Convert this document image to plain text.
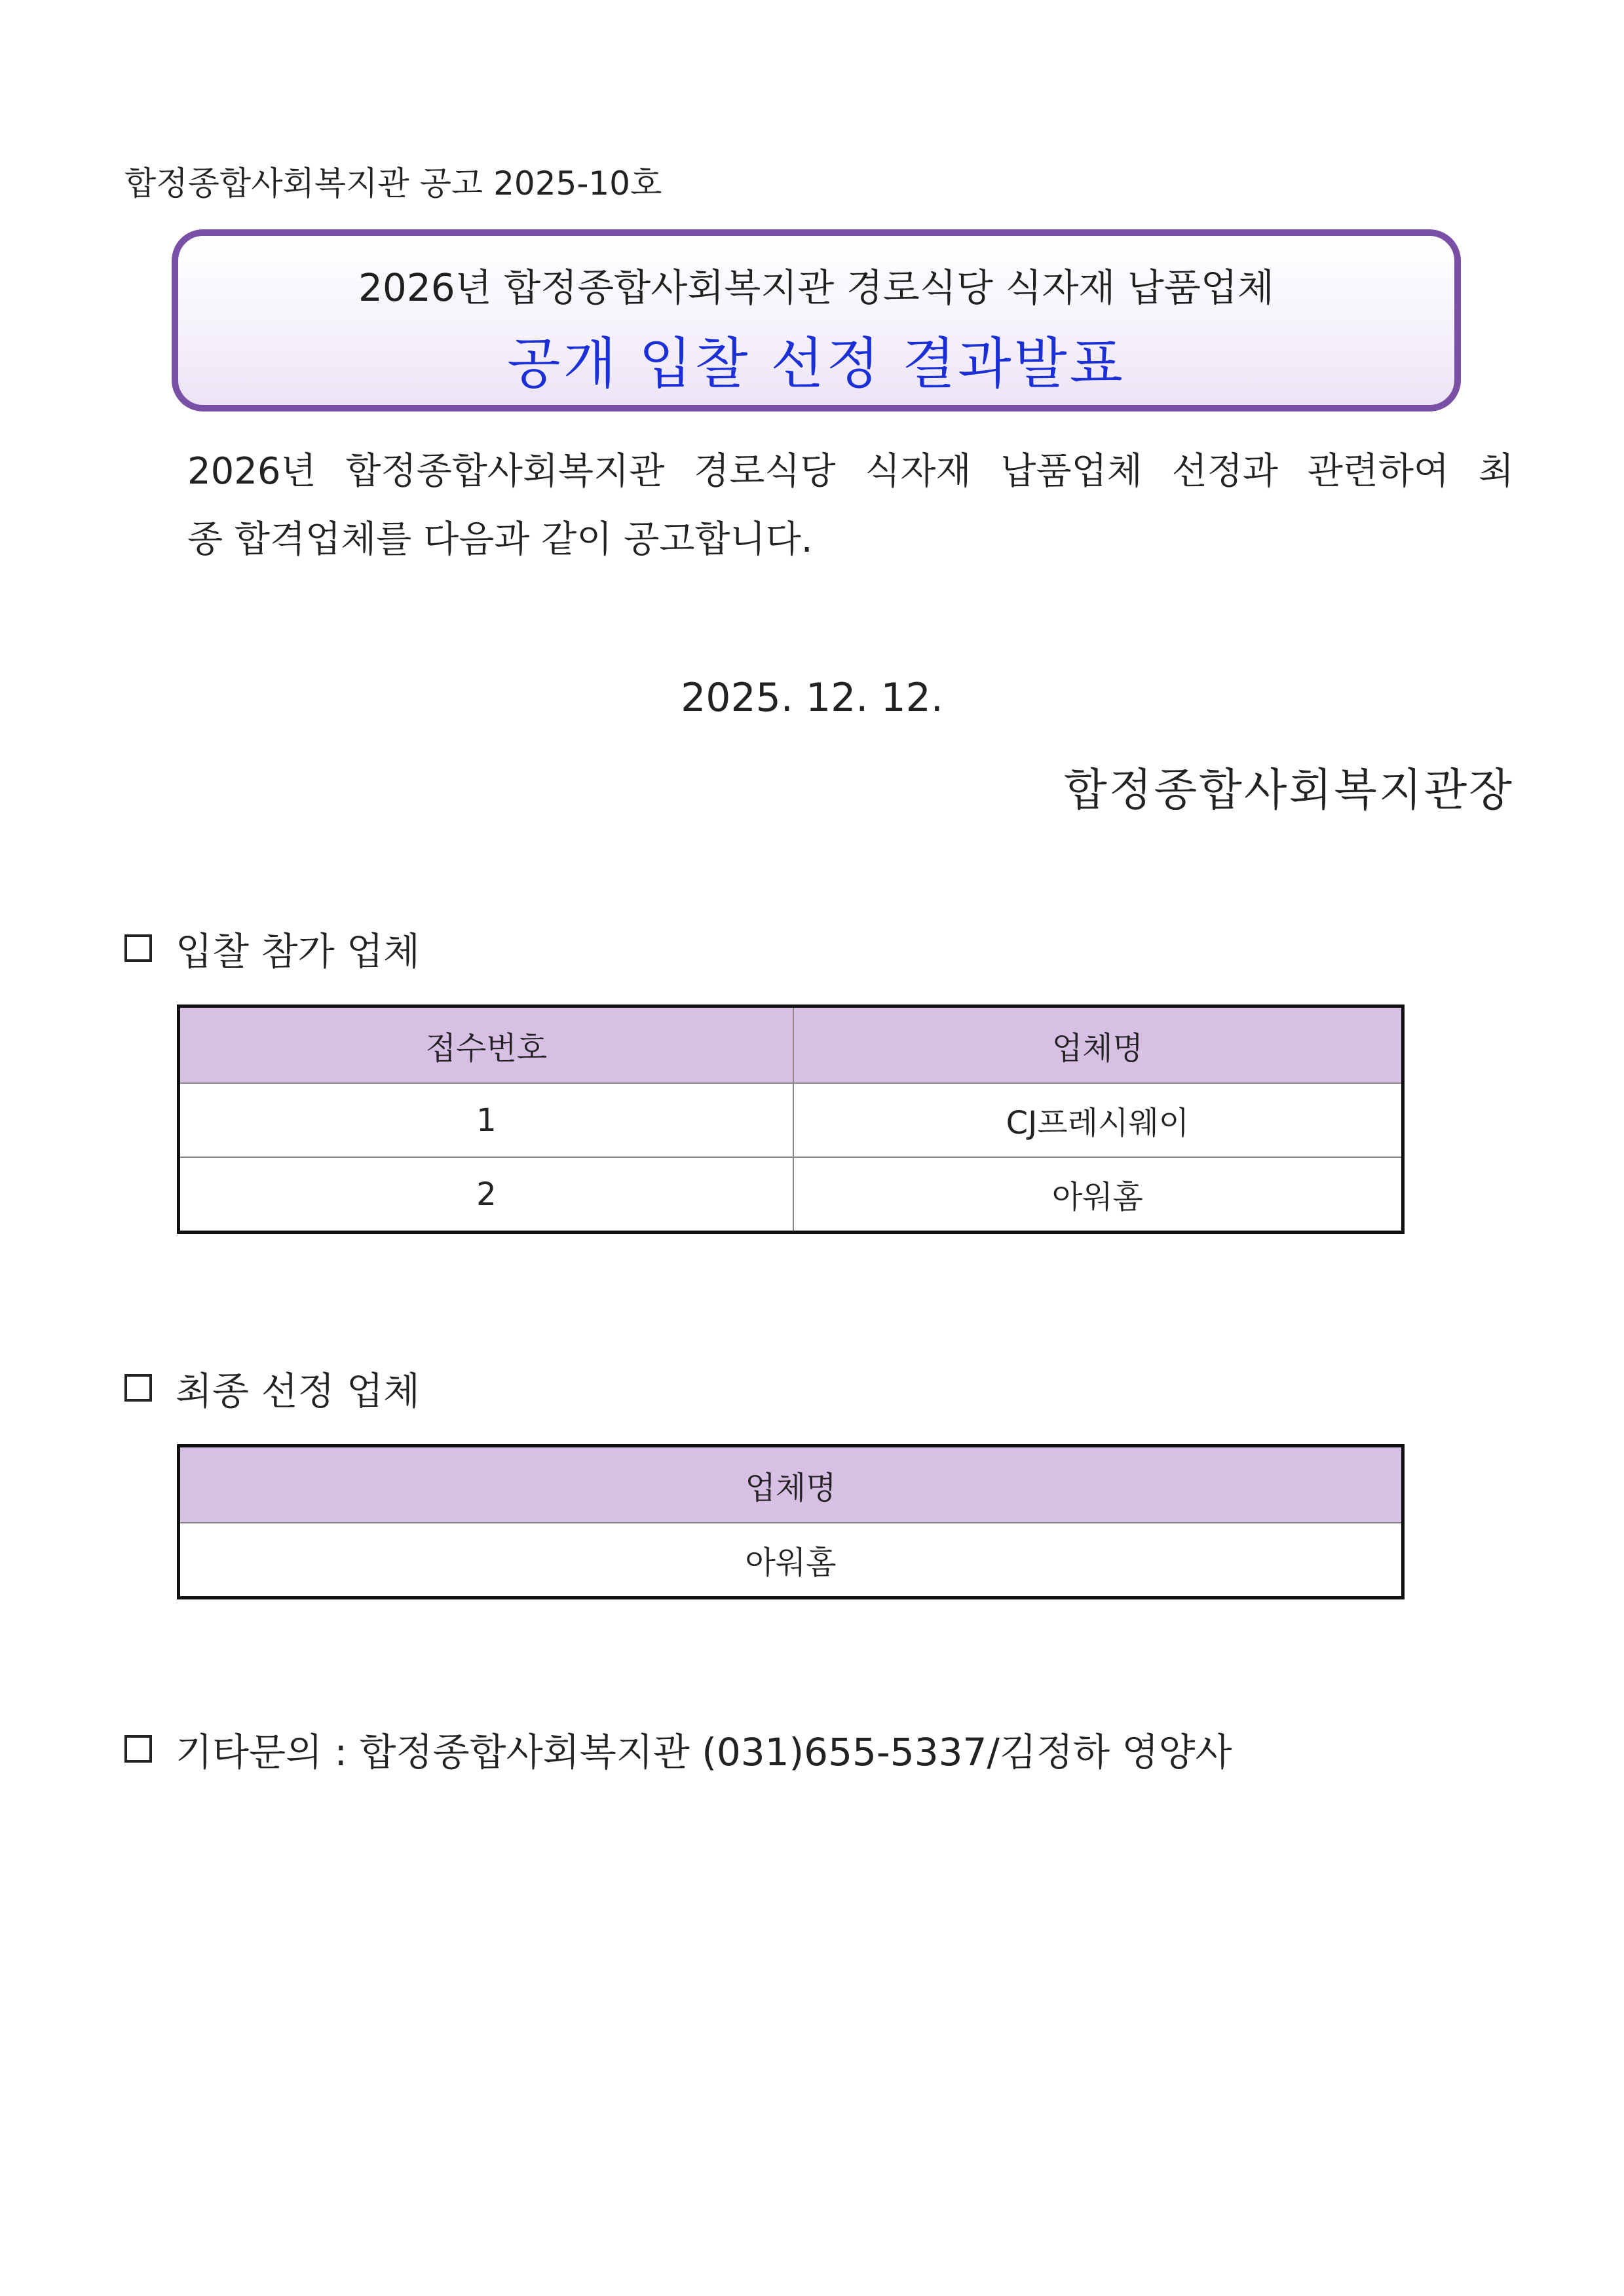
합정종합사회복지관 공고 2025-10호
2026년 합정종합사회복지관 경로식당 식자재 납품업체
공개 입찰 선정 결과발표
2026년 합정종합사회복지관 경로식당 식자재 납품업체 선정과 관련하여 최
종 합격업체를 다음과 같이 공고합니다.
2025. 12. 12.
합정종합사회복지관장
입찰 참가 업체
접수번호	업체명
1	CJ프레시웨이
2	아워홈
최종 선정 업체
업체명
아워홈
기타문의 : 합정종합사회복지관 (031)655-5337/김정하 영양사
